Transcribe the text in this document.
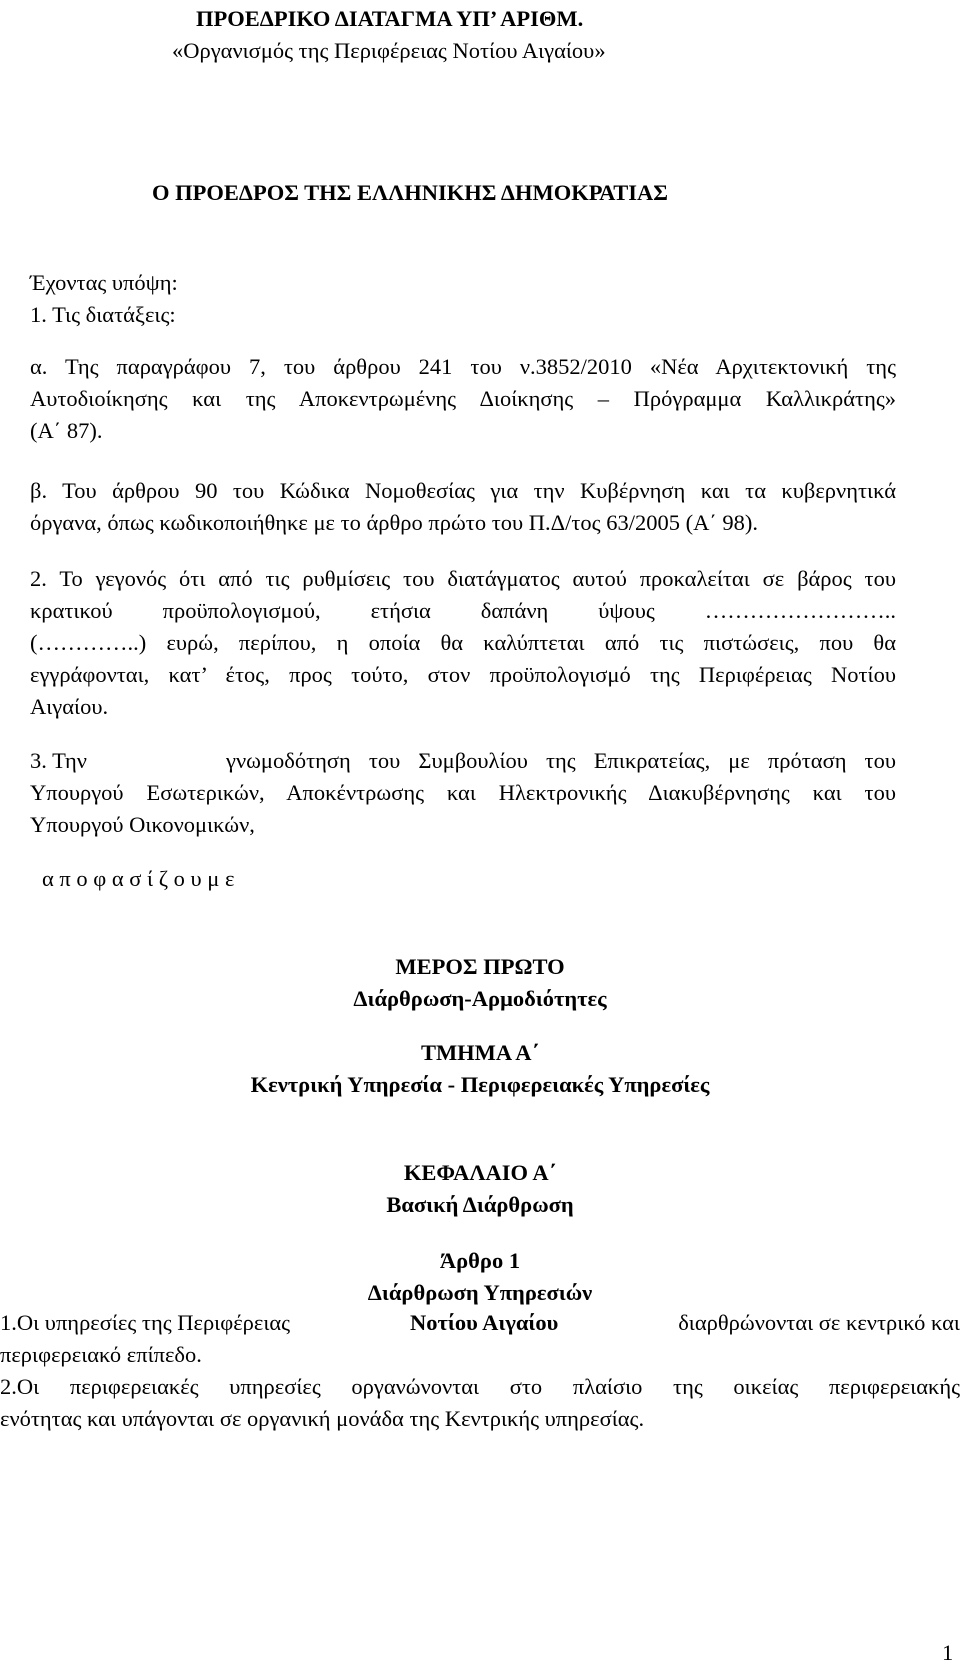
ΠΡΟΕΔΡΙΚΟ ΔΙΑΤΑΓΜΑ ΥΠ’ ΑΡΙΘΜ.
«Οργανισμός της Περιφέρειας Νοτίου Αιγαίου»
Ο ΠΡΟΕΔΡΟΣ ΤΗΣ ΕΛΛΗΝΙΚΗΣ ΔΗΜΟΚΡΑΤΙΑΣ
Έχοντας υπόψη:
1. Τις διατάξεις:
α. Της παραγράφου 7, του άρθρου 241 του ν.3852/2010 «Νέα Αρχιτεκτονική της
Αυτοδιοίκησης και της Αποκεντρωμένης Διοίκησης – Πρόγραμμα Καλλικράτης»
(Α΄ 87).
β. Του άρθρου 90 του Κώδικα Νομοθεσίας για την Κυβέρνηση και τα κυβερνητικά
όργανα, όπως κωδικοποιήθηκε με το άρθρο πρώτο του Π.Δ/τος 63/2005 (Α΄ 98).
2. Το γεγονός ότι από τις ρυθμίσεις του διατάγματος αυτού προκαλείται σε βάρος του
κρατικού προϋπολογισμού, ετήσια δαπάνη ύψους ……………………..
(…………..) ευρώ, περίπου, η οποία θα καλύπτεται από τις πιστώσεις, που θα
εγγράφονται, κατ’ έτος, προς τούτο, στον προϋπολογισμό της Περιφέρειας Νοτίου
Αιγαίου.
3. Την	γνωμοδότηση του Συμβουλίου της Επικρατείας, με πρόταση του
Υπουργού Εσωτερικών, Αποκέντρωσης και Ηλεκτρονικής Διακυβέρνησης και του
Υπουργού Οικονομικών,
α π ο φ α σ ί ζ ο υ μ ε
ΜΕΡΟΣ ΠΡΩΤΟ
Διάρθρωση-Αρμοδιότητες
ΤΜΗΜΑ Α΄
Κεντρική Υπηρεσία - Περιφερειακές Υπηρεσίες
ΚΕΦΑΛΑΙΟ Α΄
Βασική Διάρθρωση
Άρθρο 1
Διάρθρωση Υπηρεσιών
1.Οι υπηρεσίες της Περιφέρειας	Νοτίου Αιγαίου	διαρθρώνονται σε κεντρικό και
περιφερειακό επίπεδο.
2.Οι περιφερειακές υπηρεσίες οργανώνονται στο πλαίσιο της οικείας περιφερειακής
ενότητας και υπάγονται σε οργανική μονάδα της Κεντρικής υπηρεσίας.
1
